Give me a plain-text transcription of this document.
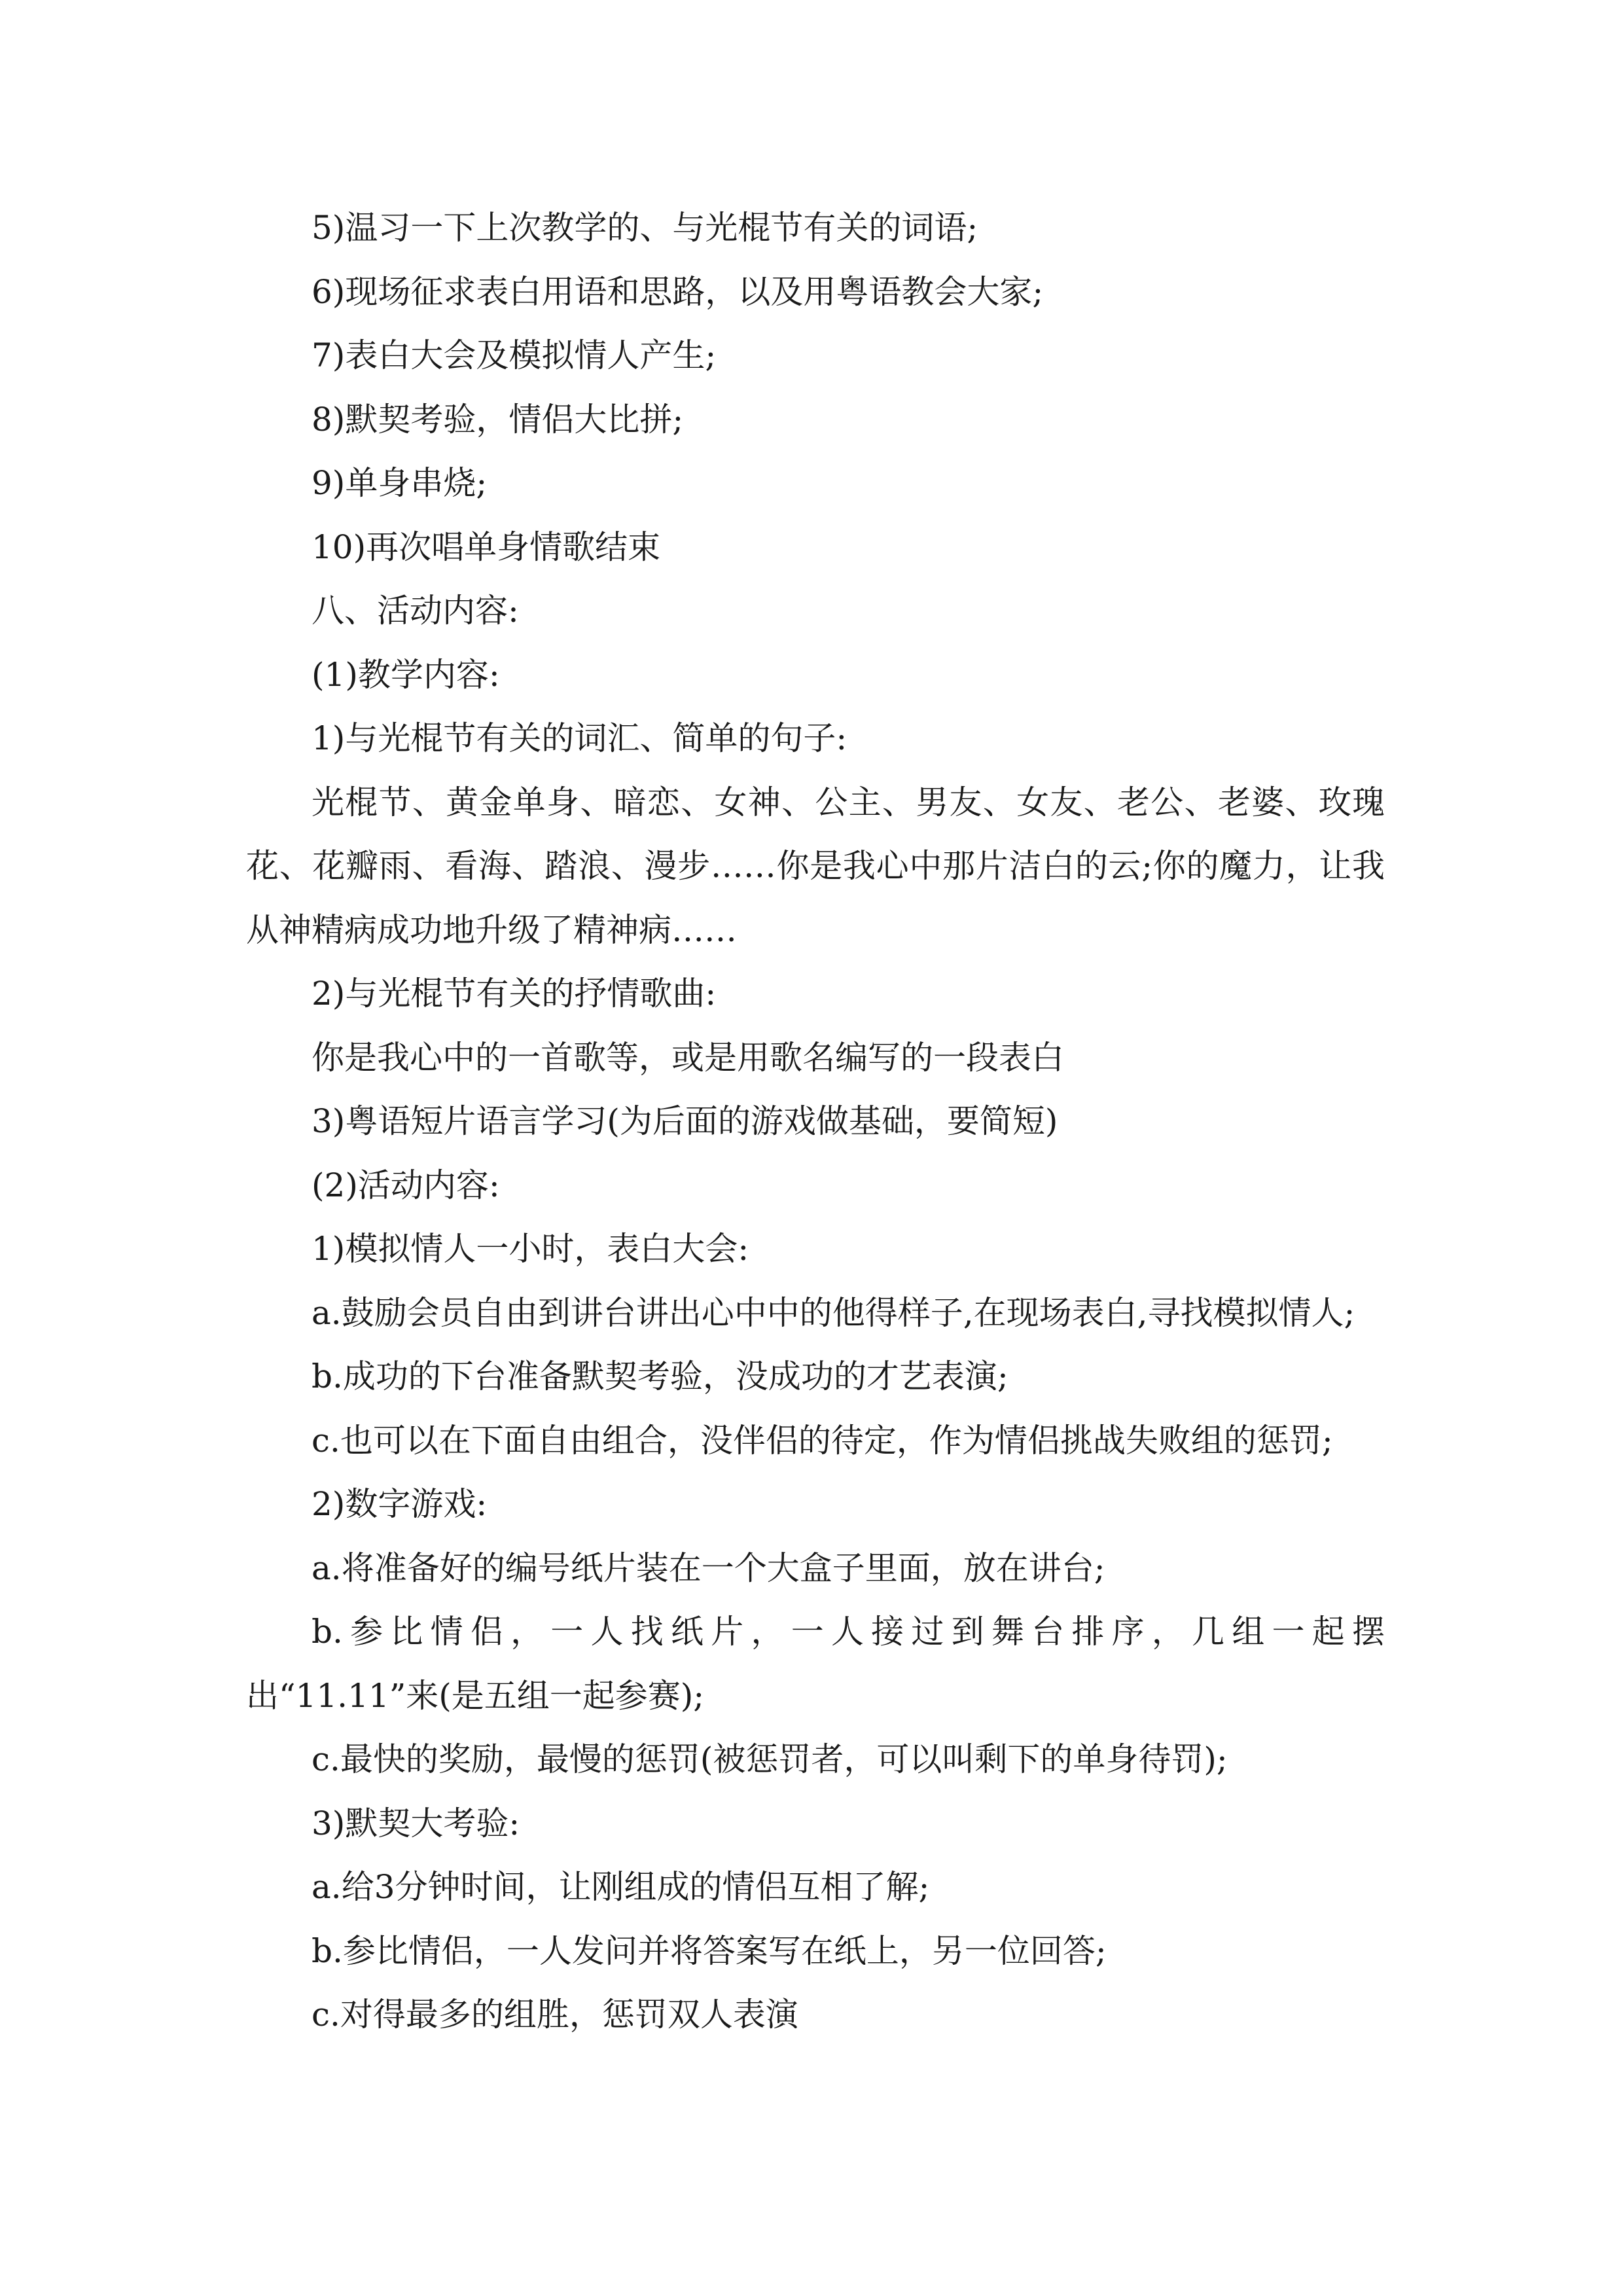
5)温习一下上次教学的、与光棍节有关的词语;

6)现场征求表白用语和思路，以及用粤语教会大家;

7)表白大会及模拟情人产生;

8)默契考验，情侣大比拼;

9)单身串烧;

10)再次唱单身情歌结束

八、活动内容:

(1)教学内容:

1)与光棍节有关的词汇、简单的句子:

光棍节、黄金单身、暗恋、女神、公主、男友、女友、老公、老婆、玫瑰花、花瓣雨、看海、踏浪、漫步……你是我心中那片洁白的云;你的魔力，让我从神精病成功地升级了精神病……

2)与光棍节有关的抒情歌曲:

你是我心中的一首歌等，或是用歌名编写的一段表白

3)粤语短片语言学习(为后面的游戏做基础，要简短)

(2)活动内容:

1)模拟情人一小时，表白大会:

a.鼓励会员自由到讲台讲出心中中的他得样子,在现场表白,寻找模拟情人;

b.成功的下台准备默契考验，没成功的才艺表演;

c.也可以在下面自由组合，没伴侣的待定，作为情侣挑战失败组的惩罚;

2)数字游戏:

a.将准备好的编号纸片装在一个大盒子里面，放在讲台;

b.参比情侣，一人找纸片，一人接过到舞台排序，几组一起摆出“11.11”来(是五组一起参赛);

c.最快的奖励，最慢的惩罚(被惩罚者，可以叫剩下的单身待罚);

3)默契大考验:

a.给3分钟时间，让刚组成的情侣互相了解;

b.参比情侣，一人发问并将答案写在纸上，另一位回答;

c.对得最多的组胜，惩罚双人表演
